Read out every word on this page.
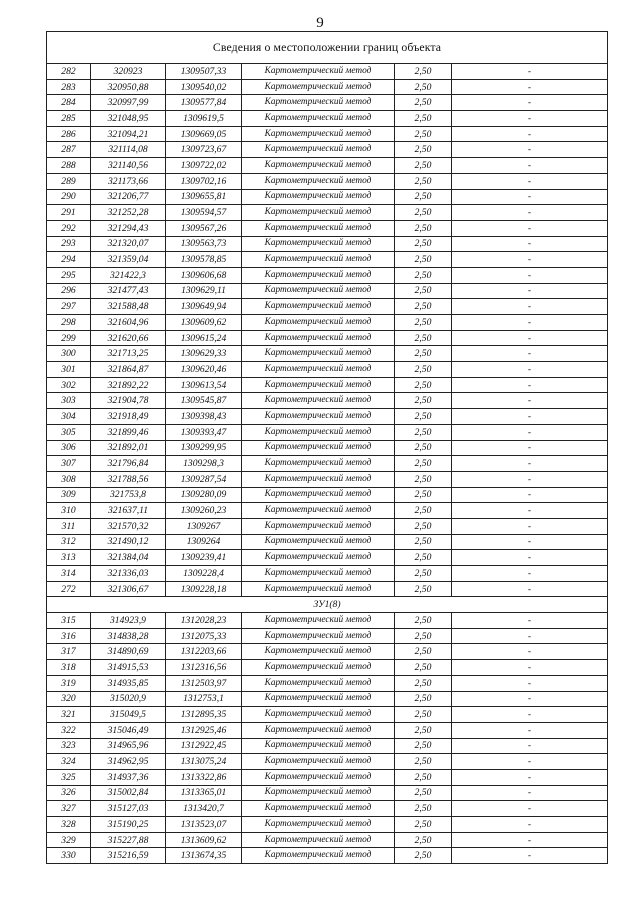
9
Сведения о местоположении границ объекта					
282	320923	1309507,33	Картометрический метод	2,50	-
283	320950,88	1309540,02	Картометрический метод	2,50	-
284	320997,99	1309577,84	Картометрический метод	2,50	-
285	321048,95	1309619,5	Картометрический метод	2,50	-
286	321094,21	1309669,05	Картометрический метод	2,50	-
287	321114,08	1309723,67	Картометрический метод	2,50	-
288	321140,56	1309722,02	Картометрический метод	2,50	-
289	321173,66	1309702,16	Картометрический метод	2,50	-
290	321206,77	1309655,81	Картометрический метод	2,50	-
291	321252,28	1309594,57	Картометрический метод	2,50	-
292	321294,43	1309567,26	Картометрический метод	2,50	-
293	321320,07	1309563,73	Картометрический метод	2,50	-
294	321359,04	1309578,85	Картометрический метод	2,50	-
295	321422,3	1309606,68	Картометрический метод	2,50	-
296	321477,43	1309629,11	Картометрический метод	2,50	-
297	321588,48	1309649,94	Картометрический метод	2,50	-
298	321604,96	1309609,62	Картометрический метод	2,50	-
299	321620,66	1309615,24	Картометрический метод	2,50	-
300	321713,25	1309629,33	Картометрический метод	2,50	-
301	321864,87	1309620,46	Картометрический метод	2,50	-
302	321892,22	1309613,54	Картометрический метод	2,50	-
303	321904,78	1309545,87	Картометрический метод	2,50	-
304	321918,49	1309398,43	Картометрический метод	2,50	-
305	321899,46	1309393,47	Картометрический метод	2,50	-
306	321892,01	1309299,95	Картометрический метод	2,50	-
307	321796,84	1309298,3	Картометрический метод	2,50	-
308	321788,56	1309287,54	Картометрический метод	2,50	-
309	321753,8	1309280,09	Картометрический метод	2,50	-
310	321637,11	1309260,23	Картометрический метод	2,50	-
311	321570,32	1309267	Картометрический метод	2,50	-
312	321490,12	1309264	Картометрический метод	2,50	-
313	321384,04	1309239,41	Картометрический метод	2,50	-
314	321336,03	1309228,4	Картометрический метод	2,50	-
272	321306,67	1309228,18	Картометрический метод	2,50	-
ЗУ1(8)					
315	314923,9	1312028,23	Картометрический метод	2,50	-
316	314838,28	1312075,33	Картометрический метод	2,50	-
317	314890,69	1312203,66	Картометрический метод	2,50	-
318	314915,53	1312316,56	Картометрический метод	2,50	-
319	314935,85	1312503,97	Картометрический метод	2,50	-
320	315020,9	1312753,1	Картометрический метод	2,50	-
321	315049,5	1312895,35	Картометрический метод	2,50	-
322	315046,49	1312925,46	Картометрический метод	2,50	-
323	314965,96	1312922,45	Картометрический метод	2,50	-
324	314962,95	1313075,24	Картометрический метод	2,50	-
325	314937,36	1313322,86	Картометрический метод	2,50	-
326	315002,84	1313365,01	Картометрический метод	2,50	-
327	315127,03	1313420,7	Картометрический метод	2,50	-
328	315190,25	1313523,07	Картометрический метод	2,50	-
329	315227,88	1313609,62	Картометрический метод	2,50	-
330	315216,59	1313674,35	Картометрический метод	2,50	-
